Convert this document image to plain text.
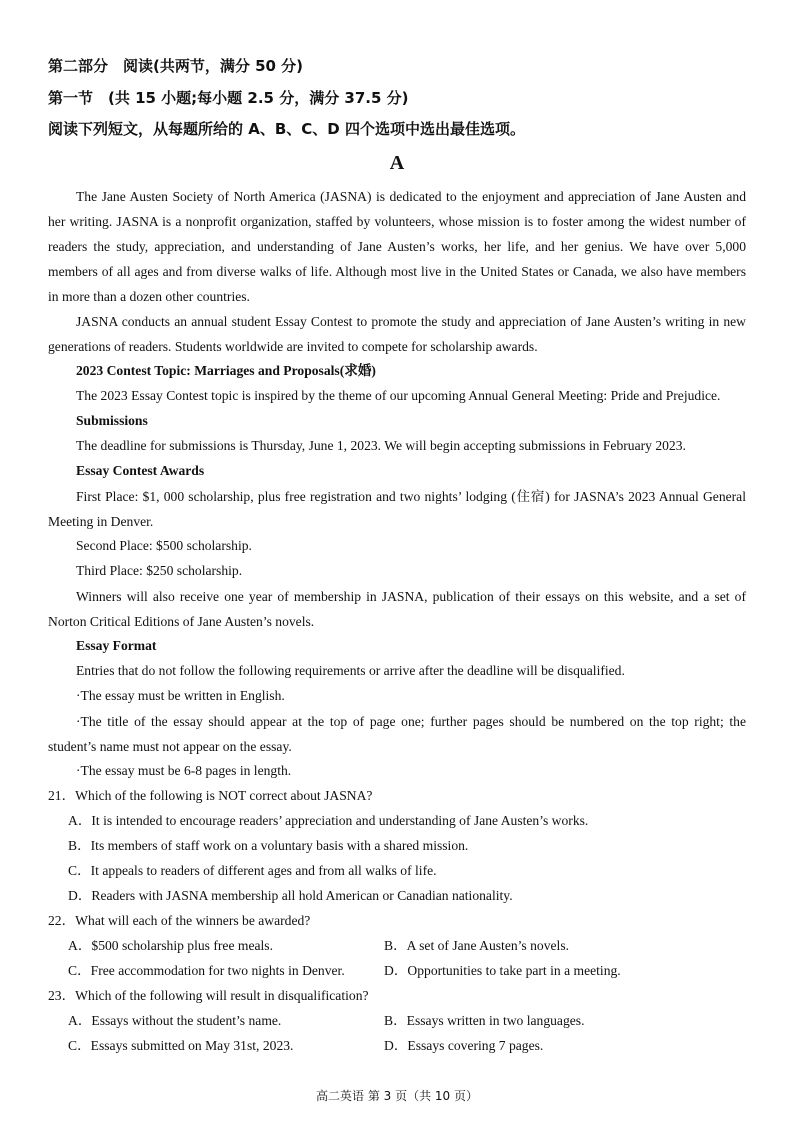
第二部分　阅读(共两节，满分 50 分)
第一节　(共 15 小题;每小题 2.5 分，满分 37.5 分)
阅读下列短文，从每题所给的 A、B、C、D 四个选项中选出最佳选项。
A

The Jane Austen Society of North America (JASNA) is dedicated to the enjoyment and appreciation of Jane Austen and her writing. JASNA is a nonprofit organization, staffed by volunteers, whose mission is to foster among the widest number of readers the study, appreciation, and understanding of Jane Austen’s works, her life, and her genius. We have over 5,000 members of all ages and from diverse walks of life. Although most live in the United States or Canada, we also have members in more than a dozen other countries.

JASNA conducts an annual student Essay Contest to promote the study and appreciation of Jane Austen’s writing in new generations of readers. Students worldwide are invited to compete for scholarship awards.

2023 Contest Topic: Marriages and Proposals(求婚)
The 2023 Essay Contest topic is inspired by the theme of our upcoming Annual General Meeting: Pride and Prejudice.
Submissions
The deadline for submissions is Thursday, June 1, 2023. We will begin accepting submissions in February 2023.
Essay Contest Awards

First Place: $1, 000 scholarship, plus free registration and two nights’ lodging (住宿) for JASNA’s 2023 Annual General Meeting in Denver.

Second Place: $500 scholarship.
Third Place: $250 scholarship.

Winners will also receive one year of membership in JASNA, publication of their essays on this website, and a set of Norton Critical Editions of Jane Austen’s novels.

Essay Format
Entries that do not follow the following requirements or arrive after the deadline will be disqualified.
·The essay must be written in English.

·The title of the essay should appear at the top of page one; further pages should be numbered on the top right; the student’s name must not appear on the essay.

·The essay must be 6-8 pages in length.
21．Which of the following is NOT correct about JASNA?
A．It is intended to encourage readers’ appreciation and understanding of Jane Austen’s works.
B．Its members of staff work on a voluntary basis with a shared mission.
C．It appeals to readers of different ages and from all walks of life.
D．Readers with JASNA membership all hold American or Canadian nationality.
22．What will each of the winners be awarded?
A．$500 scholarship plus free meals.	B．A set of Jane Austen’s novels.
C．Free accommodation for two nights in Denver.	D．Opportunities to take part in a meeting.
23．Which of the following will result in disqualification?
A．Essays without the student’s name.	B．Essays written in two languages.
C．Essays submitted on May 31st, 2023.	D．Essays covering 7 pages.
高二英语 第 3 页（共 10 页）
